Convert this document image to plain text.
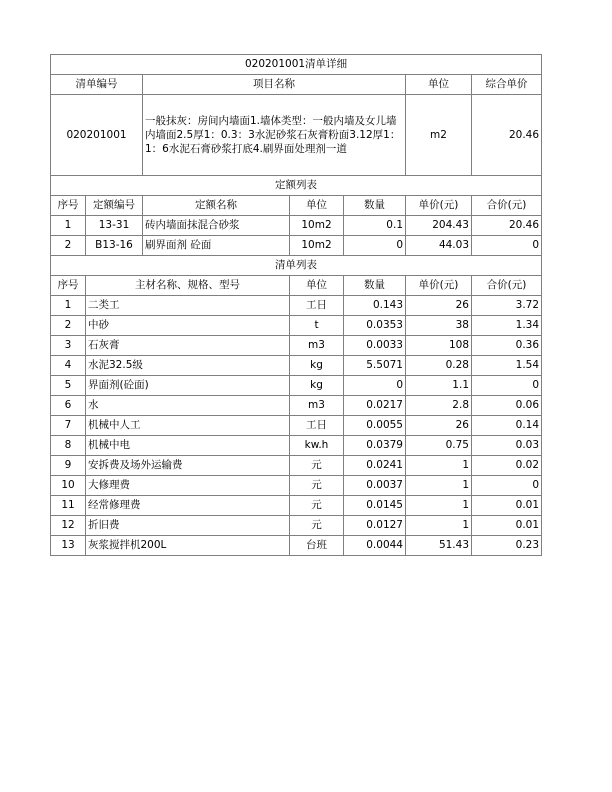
020201001清单详细						
清单编号		项目名称			单位	综合单价
020201001		一般抹灰：房间内墙面1.墙体类型：一般内墙及女儿墙内墙面2.5厚1：0.3：3水泥砂浆石灰膏粉面3.12厚1：1：6水泥石膏砂浆打底4.刷界面处理剂一道			m2	20.46
定额列表						
序号	定额编号	定额名称	单位	数量	单价(元)	合价(元)
1	13-31	砖内墙面抹混合砂浆	10m2	0.1	204.43	20.46
2	B13-16	刷界面剂 砼面	10m2	0	44.03	0
清单列表						
序号	主材名称、规格、型号		单位	数量	单价(元)	合价(元)
1	二类工		工日	0.143	26	3.72
2	中砂		t	0.0353	38	1.34
3	石灰膏		m3	0.0033	108	0.36
4	水泥32.5级		kg	5.5071	0.28	1.54
5	界面剂(砼面)		kg	0	1.1	0
6	水		m3	0.0217	2.8	0.06
7	机械中人工		工日	0.0055	26	0.14
8	机械中电		kw.h	0.0379	0.75	0.03
9	安拆费及场外运输费		元	0.0241	1	0.02
10	大修理费		元	0.0037	1	0
11	经常修理费		元	0.0145	1	0.01
12	折旧费		元	0.0127	1	0.01
13	灰浆搅拌机200L		台班	0.0044	51.43	0.23
